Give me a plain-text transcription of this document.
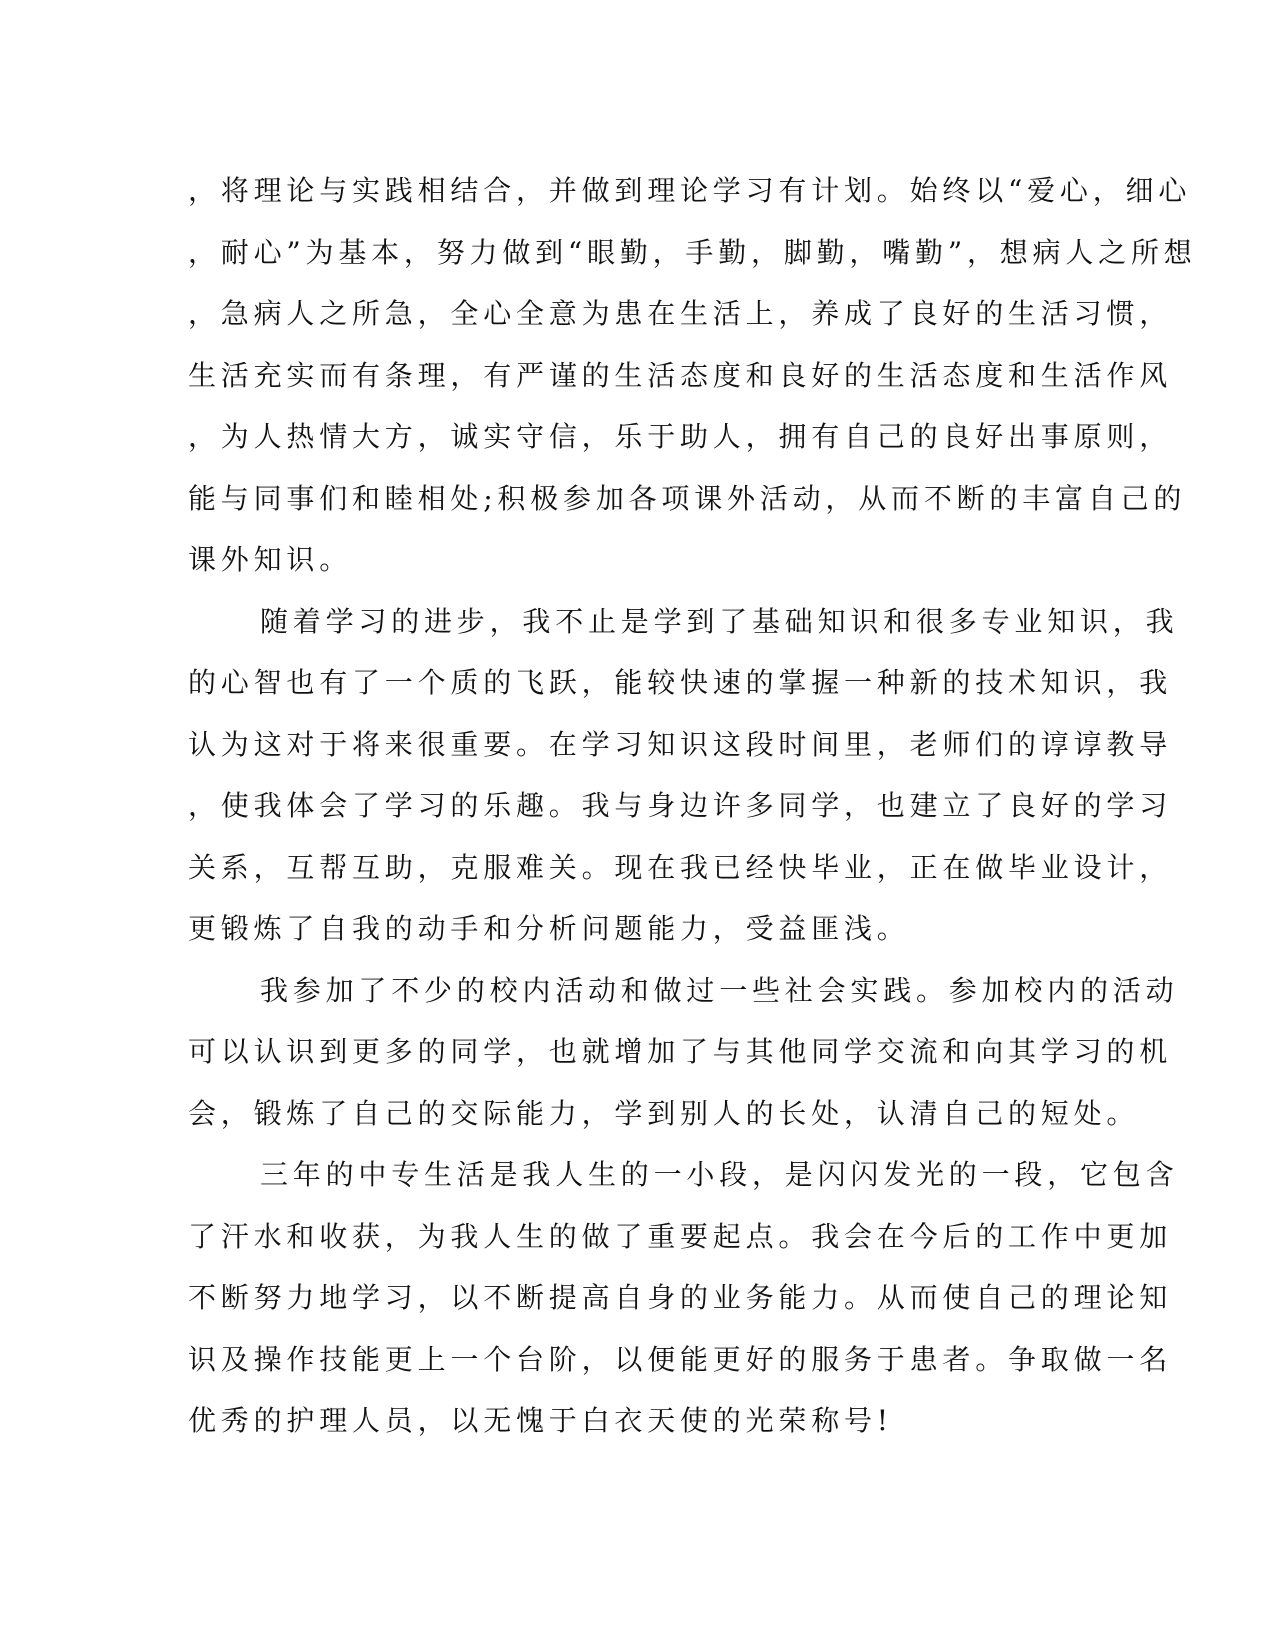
，将理论与实践相结合，并做到理论学习有计划。始终以“爱心，细心
，耐心”为基本，努力做到“眼勤，手勤，脚勤，嘴勤”，想病人之所想
，急病人之所急，全心全意为患在生活上，养成了良好的生活习惯，
生活充实而有条理，有严谨的生活态度和良好的生活态度和生活作风
，为人热情大方，诚实守信，乐于助人，拥有自己的良好出事原则，
能与同事们和睦相处;积极参加各项课外活动，从而不断的丰富自己的
课外知识。
随着学习的进步，我不止是学到了基础知识和很多专业知识，我
的心智也有了一个质的飞跃，能较快速的掌握一种新的技术知识，我
认为这对于将来很重要。在学习知识这段时间里，老师们的谆谆教导
，使我体会了学习的乐趣。我与身边许多同学，也建立了良好的学习
关系，互帮互助，克服难关。现在我已经快毕业，正在做毕业设计，
更锻炼了自我的动手和分析问题能力，受益匪浅。
我参加了不少的校内活动和做过一些社会实践。参加校内的活动
可以认识到更多的同学，也就增加了与其他同学交流和向其学习的机
会，锻炼了自己的交际能力，学到别人的长处，认清自己的短处。
三年的中专生活是我人生的一小段，是闪闪发光的一段，它包含
了汗水和收获，为我人生的做了重要起点。我会在今后的工作中更加
不断努力地学习，以不断提高自身的业务能力。从而使自己的理论知
识及操作技能更上一个台阶，以便能更好的服务于患者。争取做一名
优秀的护理人员，以无愧于白衣天使的光荣称号!
